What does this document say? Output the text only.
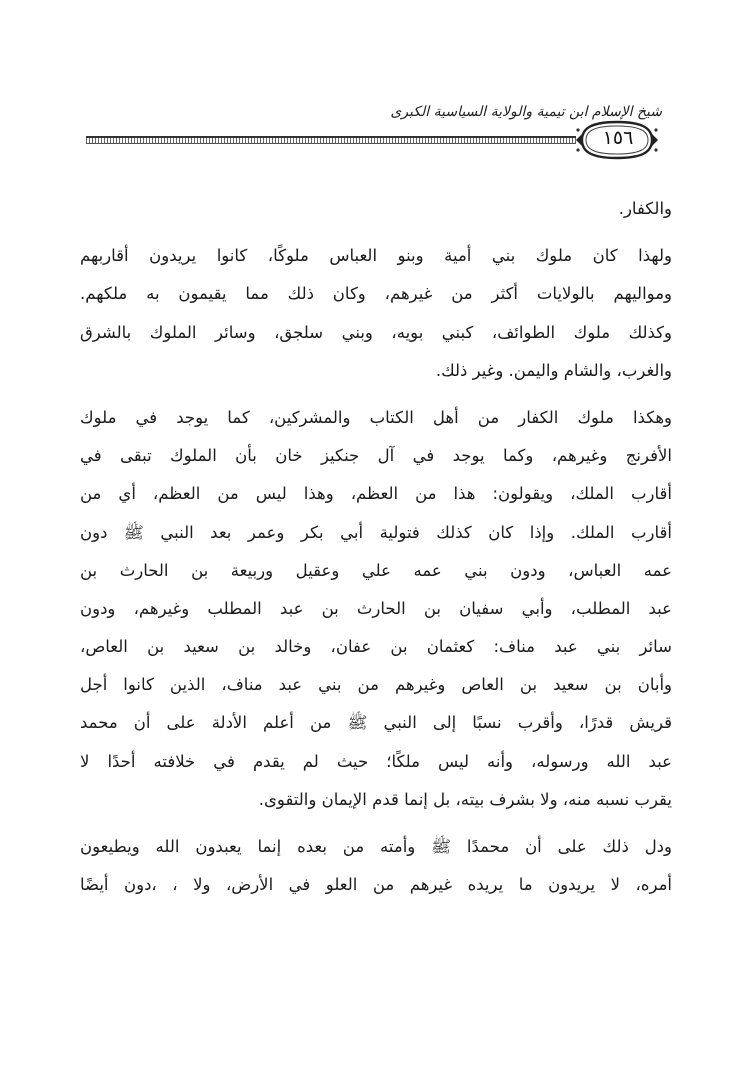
شيخ الإسلام ابن تيمية والولاية السياسية الكبرى
١٥٦
والكفار.
ولهذا كان ملوك بني أمية وبنو العباس ملوكًا، كانوا يريدون أقاربهم
ومواليهم بالولايات أكثر من غيرهم، وكان ذلك مما يقيمون به ملكهم.
وكذلك ملوك الطوائف، كبني بويه، وبني سلجق، وسائر الملوك بالشرق
والغرب، والشام واليمن. وغير ذلك.
وهكذا ملوك الكفار من أهل الكتاب والمشركين، كما يوجد في ملوك
الأفرنج وغيرهم، وكما يوجد في آل جنكيز خان بأن الملوك تبقى في
أقارب الملك، ويقولون: هذا من العظم، وهذا ليس من العظم، أي من
أقارب الملك. وإذا كان كذلك فتولية أبي بكر وعمر بعد النبي ﷺ دون
عمه العباس، ودون بني عمه علي وعقيل وربيعة بن الحارث بن
عبد المطلب، وأبي سفيان بن الحارث بن عبد المطلب وغيرهم، ودون
سائر بني عبد مناف: كعثمان بن عفان، وخالد بن سعيد بن العاص،
وأبان بن سعيد بن العاص وغيرهم من بني عبد مناف، الذين كانوا أجل
قريش قدرًا، وأقرب نسبًا إلى النبي ﷺ من أعلم الأدلة على أن محمد
عبد الله ورسوله، وأنه ليس ملكًا؛ حيث لم يقدم في خلافته أحدًا لا
يقرب نسبه منه، ولا بشرف بيته، بل إنما قدم الإيمان والتقوى.
ودل ذلك على أن محمدًا ﷺ وأمته من بعده إنما يعبدون الله ويطيعون
أمره، لا يريدون ما يريده غيرهم من العلو في الأرض، ولا ، ،دون أيضًا
